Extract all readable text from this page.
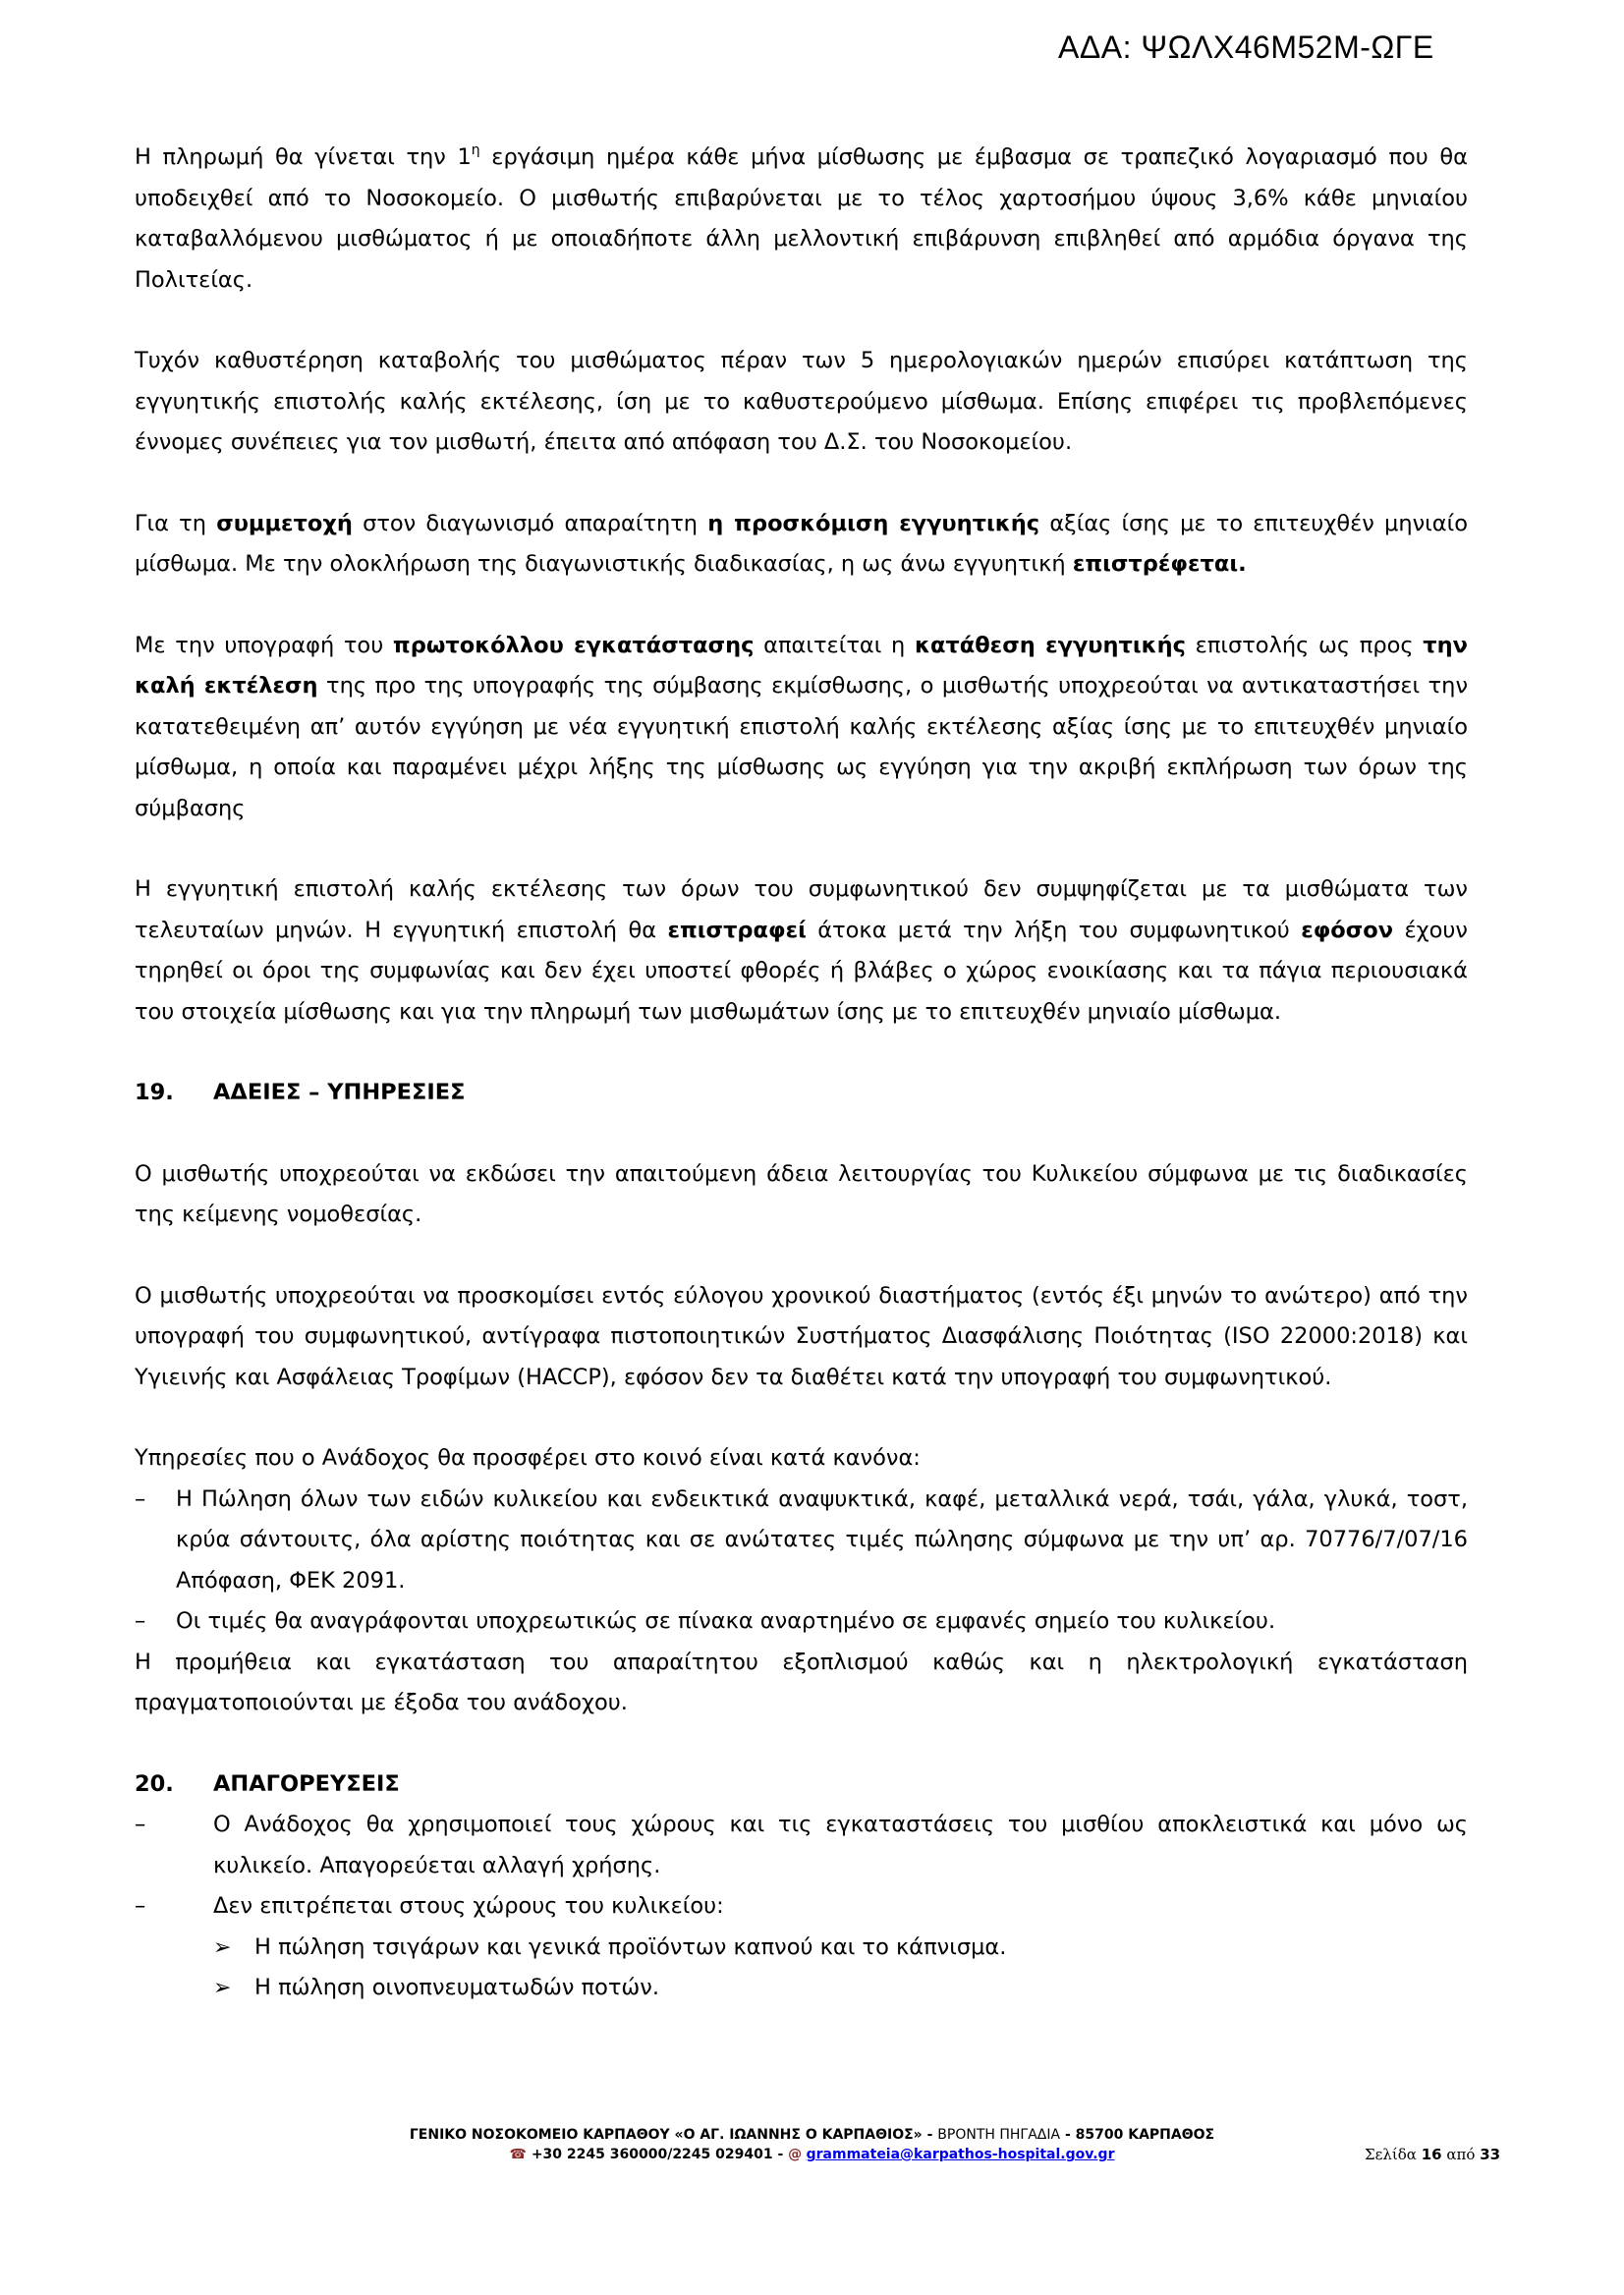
ΑΔΑ: ΨΩΛΧ46Μ52Μ-ΩΓΕ

Η πληρωμή θα γίνεται την $1^\eta$ εργάσιμη ημέρα κάθε μήνα μίσθωσης με έμβασμα σε τραπεζικό λογαριασμό που θα υποδειχθεί από το Νοσοκομείο. Ο μισθωτής επιβαρύνεται με το τέλος χαρτοσήμου ύψους 3,6% κάθε μηνιαίου καταβαλλόμενου μισθώματος ή με οποιαδήποτε άλλη μελλοντική επιβάρυνση επιβληθεί από αρμόδια όργανα της Πολιτείας.

Τυχόν καθυστέρηση καταβολής του μισθώματος πέραν των 5 ημερολογιακών ημερών επισύρει κατάπτωση της εγγυητικής επιστολής καλής εκτέλεσης, ίση με το καθυστερούμενο μίσθωμα. Επίσης επιφέρει τις προβλεπόμενες έννομες συνέπειες για τον μισθωτή, έπειτα από απόφαση του Δ.Σ. του Νοσοκομείου.

Για τη συμμετοχή στον διαγωνισμό απαραίτητη η προσκόμιση εγγυητικής αξίας ίσης με το επιτευχθέν μηνιαίο μίσθωμα. Με την ολοκλήρωση της διαγωνιστικής διαδικασίας, η ως άνω εγγυητική επιστρέφεται.

Με την υπογραφή του πρωτοκόλλου εγκατάστασης απαιτείται η κατάθεση εγγυητικής επιστολής ως προς την καλή εκτέλεση της προ της υπογραφής της σύμβασης εκμίσθωσης, ο μισθωτής υποχρεούται να αντικαταστήσει την κατατεθειμένη απ’ αυτόν εγγύηση με νέα εγγυητική επιστολή καλής εκτέλεσης αξίας ίσης με το επιτευχθέν μηνιαίο μίσθωμα, η οποία και παραμένει μέχρι λήξης της μίσθωσης ως εγγύηση για την ακριβή εκπλήρωση των όρων της σύμβασης

Η εγγυητική επιστολή καλής εκτέλεσης των όρων του συμφωνητικού δεν συμψηφίζεται με τα μισθώματα των τελευταίων μηνών. Η εγγυητική επιστολή θα επιστραφεί άτοκα μετά την λήξη του συμφωνητικού εφόσον έχουν τηρηθεί οι όροι της συμφωνίας και δεν έχει υποστεί φθορές ή βλάβες ο χώρος ενοικίασης και τα πάγια περιουσιακά του στοιχεία μίσθωσης και για την πληρωμή των μισθωμάτων ίσης με το επιτευχθέν μηνιαίο μίσθωμα.

19.	ΑΔΕΙΕΣ – ΥΠΗΡΕΣΙΕΣ

Ο μισθωτής υποχρεούται να εκδώσει την απαιτούμενη άδεια λειτουργίας του Κυλικείου σύμφωνα με τις διαδικασίες της κείμενης νομοθεσίας.

Ο μισθωτής υποχρεούται να προσκομίσει εντός εύλογου χρονικού διαστήματος (εντός έξι μηνών το ανώτερο) από την υπογραφή του συμφωνητικού, αντίγραφα πιστοποιητικών Συστήματος Διασφάλισης Ποιότητας (ISO 22000:2018) και Υγιεινής και Ασφάλειας Τροφίμων (HACCP), εφόσον δεν τα διαθέτει κατά την υπογραφή του συμφωνητικού.

Υπηρεσίες που ο Ανάδοχος θα προσφέρει στο κοινό είναι κατά κανόνα:

– Η Πώληση όλων των ειδών κυλικείου και ενδεικτικά αναψυκτικά, καφέ, μεταλλικά νερά, τσάι, γάλα, γλυκά, τοστ, κρύα σάντουιτς, όλα αρίστης ποιότητας και σε ανώτατες τιμές πώλησης σύμφωνα με την υπ’ αρ. 70776/7/07/16 Απόφαση, ΦΕΚ 2091.
– Οι τιμές θα αναγράφονται υποχρεωτικώς σε πίνακα αναρτημένο σε εμφανές σημείο του κυλικείου.

Η προμήθεια και εγκατάσταση του απαραίτητου εξοπλισμού καθώς και η ηλεκτρολογική εγκατάσταση πραγματοποιούνται με έξοδα του ανάδοχου.

20.	ΑΠΑΓΟΡΕΥΣΕΙΣ
–	Ο Ανάδοχος θα χρησιμοποιεί τους χώρους και τις εγκαταστάσεις του μισθίου αποκλειστικά και μόνο ως κυλικείο. Απαγορεύεται αλλαγή χρήσης.
–	Δεν επιτρέπεται στους χώρους του κυλικείου:
➢ Η πώληση τσιγάρων και γενικά προϊόντων καπνού και το κάπνισμα.
➢ Η πώληση οινοπνευματωδών ποτών.
ΓΕΝΙΚΟ ΝΟΣΟΚΟΜΕΙΟ ΚΑΡΠΑΘΟΥ «Ο ΑΓ. ΙΩΑΝΝΗΣ Ο ΚΑΡΠΑΘΙΟΣ» - ΒΡΟΝΤΗ ΠΗΓΑΔΙΑ - 85700 ΚΑΡΠΑΘΟΣ
☎ +30 2245 360000/2245 029401 - @ grammateia@karpathos-hospital.gov.gr	Σελίδα 16 από 33
